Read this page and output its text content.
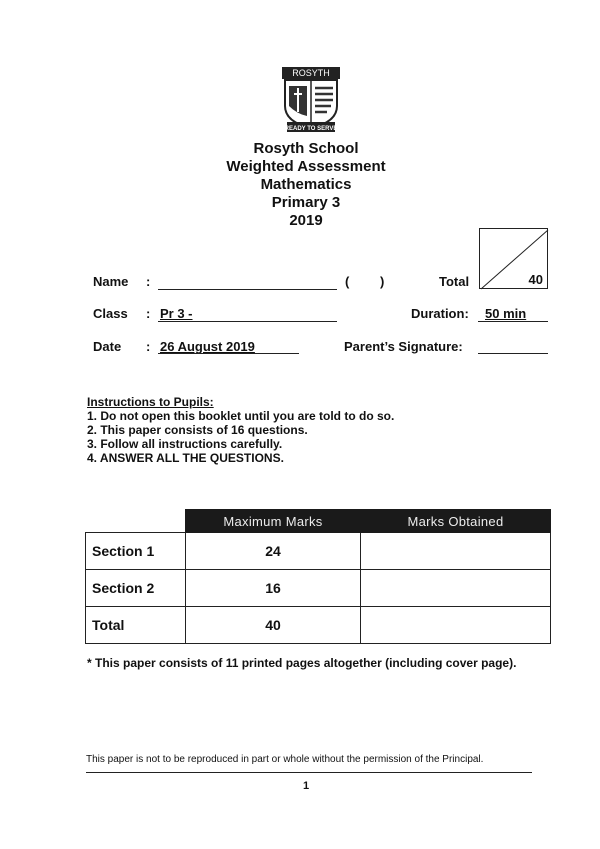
ROSYTH
READY TO SERVE
Rosyth School
Weighted Assessment
Mathematics
Primary 3
2019
Name :	( )	Total	40
Class : Pr 3 -	Duration: 50 min
Date : 26 August 2019	Parent’s Signature:
Instructions to Pupils:
1. Do not open this booklet until you are told to do so.
2. This paper consists of 16 questions.
3. Follow all instructions carefully.
4. ANSWER ALL THE QUESTIONS.
	Maximum Marks	Marks Obtained
Section 1	24	
Section 2	16	
Total	40	
* This paper consists of 11 printed pages altogether (including cover page).
This paper is not to be reproduced in part or whole without the permission of the Principal.
1
